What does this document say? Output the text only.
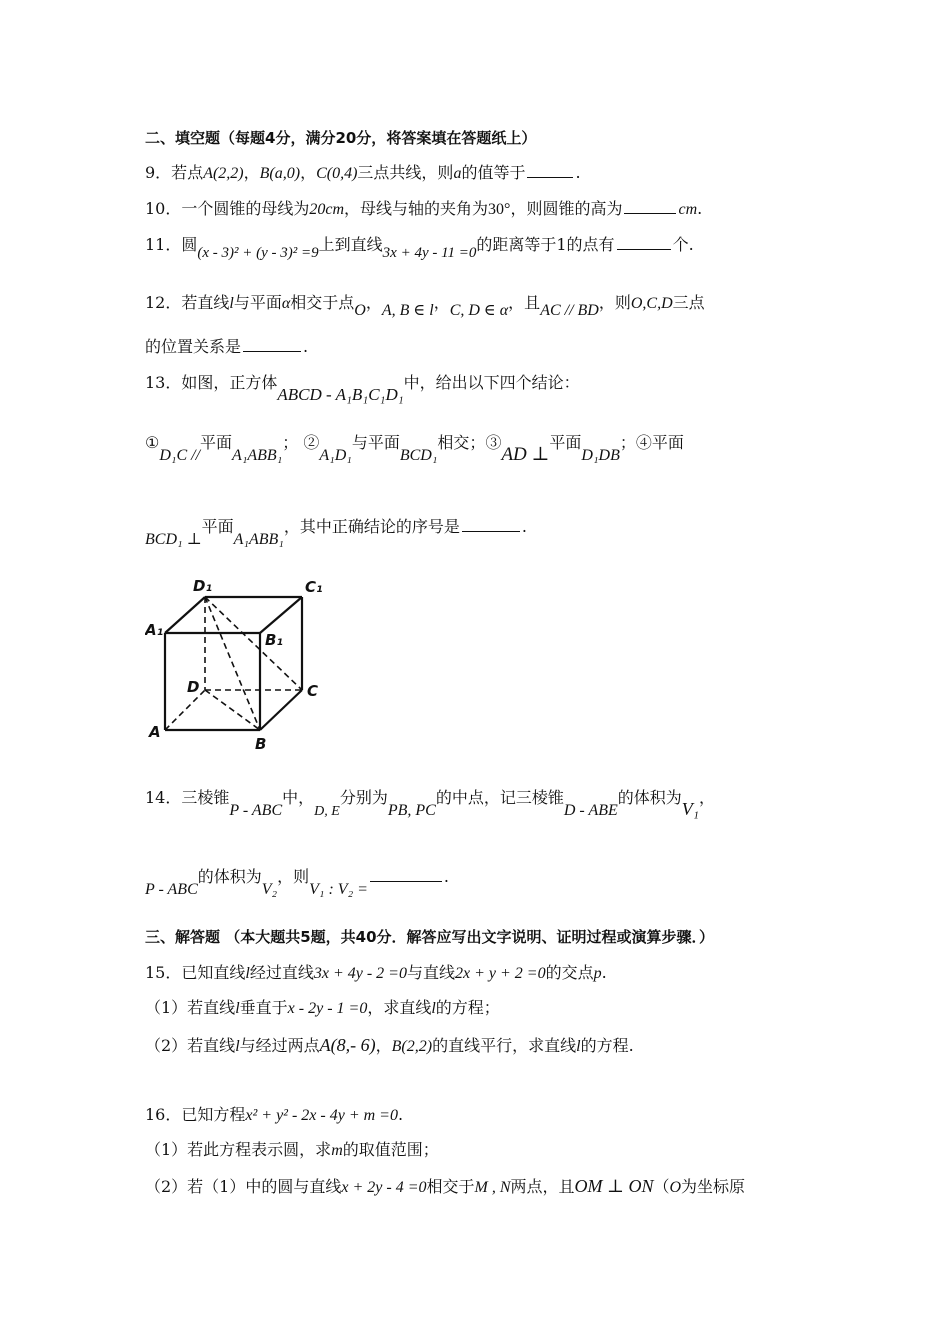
二、填空题（每题4分，满分20分，将答案填在答题纸上）
9．若点A(2,2)，B(a,0)，C(0,4)三点共线，则a的值等于	.
10．一个圆锥的母线为20cm，母线与轴的夹角为30°，则圆锥的高为	cm.
11．圆(x - 3)² + (y - 3)² =9上到直线3x + 4y - 11 =0的距离等于1的点有	个.
12．若直线l与平面α相交于点O，A, B ∈ l，C, D ∈ α，且AC // BD，则O,C,D三点
的位置关系是	.
13．如图，正方体ABCD - A₁B₁C₁D₁中，给出以下四个结论：
①D₁C //平面A₁ABB₁； ②A₁D₁与平面BCD₁相交；③AD ⊥平面D₁DB；④平面
BCD₁ ⊥平面A₁ABB₁，其中正确结论的序号是	.
D₁	C₁
A₁
B₁
D	C
A
B
14．三棱锥P - ABC中，D, E分别为PB, PC的中点，记三棱锥D - ABE的体积为V₁，
P - ABC的体积为V₂，则V₁ : V₂ =.
三、解答题 （本大题共5题，共40分．解答应写出文字说明、证明过程或演算步骤．）
15．已知直线l经过直线3x + 4y - 2 =0与直线2x + y + 2 =0的交点p.
（1）若直线l垂直于x - 2y - 1 =0，求直线l的方程；
（2）若直线l与经过两点A(8,- 6)，B(2,2)的直线平行，求直线l的方程.
16．已知方程x² + y² - 2x - 4y + m =0.
（1）若此方程表示圆，求m的取值范围；
（2）若（1）中的圆与直线x + 2y - 4 =0相交于M , N两点，且OM ⊥ ON（O为坐标原
